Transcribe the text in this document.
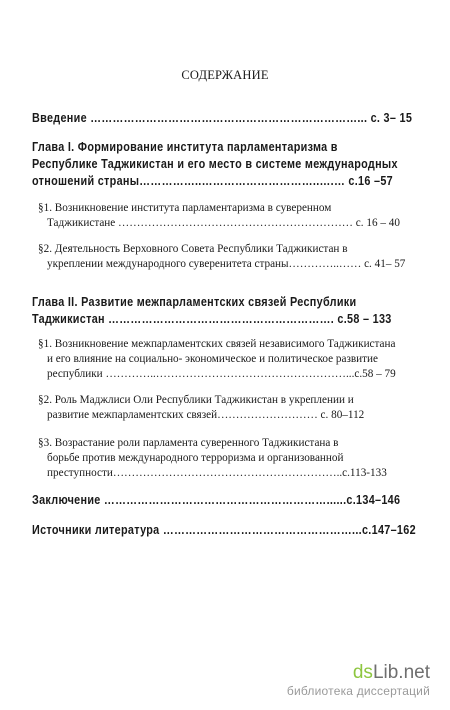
СОДЕРЖАНИЕ
Введение ………………………………………………………………... с. 3– 15
Глава I. Формирование института парламентаризма в
Республике Таджикистан и его место в системе международных
отношений страны……………..…………………………..….… с.16 –57
§1. Возникновение института парламентаризма в суверенном
Таджикистане ……………………………………………………… с. 16 – 40
§2. Деятельность Верховного Совета Республики Таджикистан в
укреплении международного суверенитета страны…………..…… с. 41– 57
Глава II. Развитие межпарламентских связей Республики
Таджикистан ……………………………………………………. с.58 – 133
§1. Возникновение межпарламентских связей независимого Таджикистана
и его влияние на социально- экономическое и политическое развитие
республики …………..……………………………………………...с.58 – 79
§2. Роль Маджлиси Оли Республики Таджикистан в укреплении и
развитие межпарламентских связей……………………… с. 80–112
§3. Возрастание роли парламента суверенного Таджикистана в
борьбе против международного терроризма и организованной
преступности……………………………………………………..с.113-133
Заключение ……………………………………………………......с.134–146
Источники литература ……………………………………………...с.147–162
dsLib.net
библиотека диссертаций
